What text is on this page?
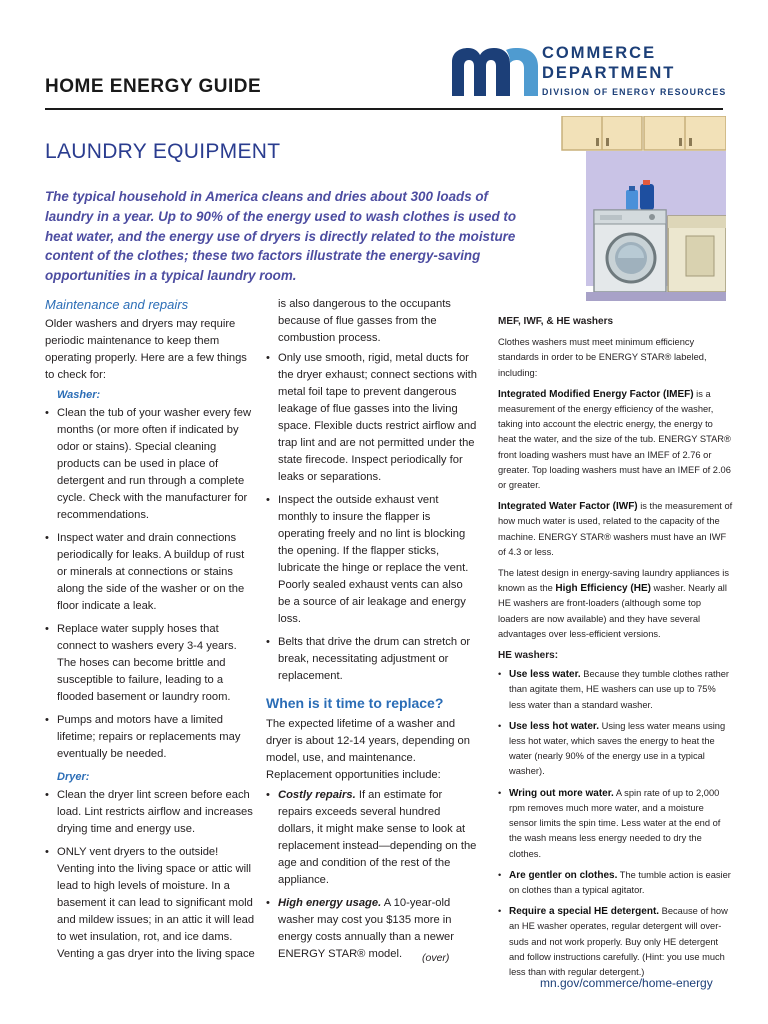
HOME ENERGY GUIDE
COMMERCE
DEPARTMENT
DIVISION OF ENERGY RESOURCES
LAUNDRY EQUIPMENT
The typical household in America cleans and dries about 300 loads of laundry in a year. Up to 90% of the energy used to wash clothes is used to heat water, and the energy use of dryers is directly related to the moisture content of the clothes; these two factors illustrate the energy-saving opportunities in a typical laundry room.
Maintenance and repairs

Older washers and dryers may require periodic maintenance to keep them operating properly. Here are a few things to check for:

Washer:
• Clean the tub of your washer every few months (or more often if indicated by odor or stains). Special cleaning products can be used in place of detergent and run through a complete cycle. Check with the manufacturer for recommendations.
• Inspect water and drain connections periodically for leaks. A buildup of rust or minerals at connections or stains along the side of the washer or on the floor indicate a leak.
• Replace water supply hoses that connect to washers every 3-4 years. The hoses can become brittle and susceptible to failure, leading to a flooded basement or laundry room.
• Pumps and motors have a limited lifetime; repairs or replacements may eventually be needed.
Dryer:
• Clean the dryer lint screen before each load. Lint restricts airflow and increases drying time and energy use.
• ONLY vent dryers to the outside! Venting into the living space or attic will lead to high levels of moisture. In a basement it can lead to significant mold and mildew issues; in an attic it will lead to wet insulation, rot, and ice dams. Venting a gas dryer into the living space

is also dangerous to the occupants because of flue gasses from the combustion process.

• Only use smooth, rigid, metal ducts for the dryer exhaust; connect sections with metal foil tape to prevent dangerous leakage of flue gasses into the living space. Flexible ducts restrict airflow and trap lint and are not permitted under the state firecode. Inspect periodically for leaks or separations.
• Inspect the outside exhaust vent monthly to insure the flapper is operating freely and no lint is blocking the opening. If the flapper sticks, lubricate the hinge or replace the vent. Poorly sealed exhaust vents can also be a source of air leakage and energy loss.
• Belts that drive the drum can stretch or break, necessitating adjustment or replacement.
When is it time to replace?

The expected lifetime of a washer and dryer is about 12-14 years, depending on model, use, and maintenance. Replacement opportunities include:

• Costly repairs. If an estimate for repairs exceeds several hundred dollars, it might make sense to look at replacement instead—depending on the age and condition of the rest of the appliance.
• High energy usage. A 10-year-old washer may cost you $135 more in energy costs annually than a newer ENERGY STAR® model.
MEF, IWF, & HE washers

Clothes washers must meet minimum efficiency standards in order to be ENERGY STAR® labeled, including:

Integrated Modified Energy Factor (IMEF) is a measurement of the energy efficiency of the washer, taking into account the electric energy, the energy to heat the water, and the size of the tub. ENERGY STAR® front loading washers must have an IMEF of 2.76 or greater. Top loading washers must have an IMEF of 2.06 or greater.

Integrated Water Factor (IWF) is the measurement of how much water is used, related to the capacity of the machine. ENERGY STAR® washers must have an IWF of 4.3 or less.

The latest design in energy-saving laundry appliances is known as the High Efficiency (HE) washer. Nearly all HE washers are front-loaders (although some top loaders are now available) and they have several advantages over less-efficient versions.

HE washers:
• Use less water. Because they tumble clothes rather than agitate them, HE washers can use up to 75% less water than a standard washer.
• Use less hot water. Using less water means using less hot water, which saves the energy to heat the water (nearly 90% of the energy use in a typical washer).
• Wring out more water. A spin rate of up to 2,000 rpm removes much more water, and a moisture sensor limits the spin time. Less water at the end of the wash means less energy needed to dry the clothes.
• Are gentler on clothes. The tumble action is easier on clothes than a typical agitator.
• Require a special HE detergent. Because of how an HE washer operates, regular detergent will over-suds and not work properly. Buy only HE detergent and follow instructions carefully. (Hint: you use much less than with regular detergent.)
(over)
mn.gov/commerce/home-energy
